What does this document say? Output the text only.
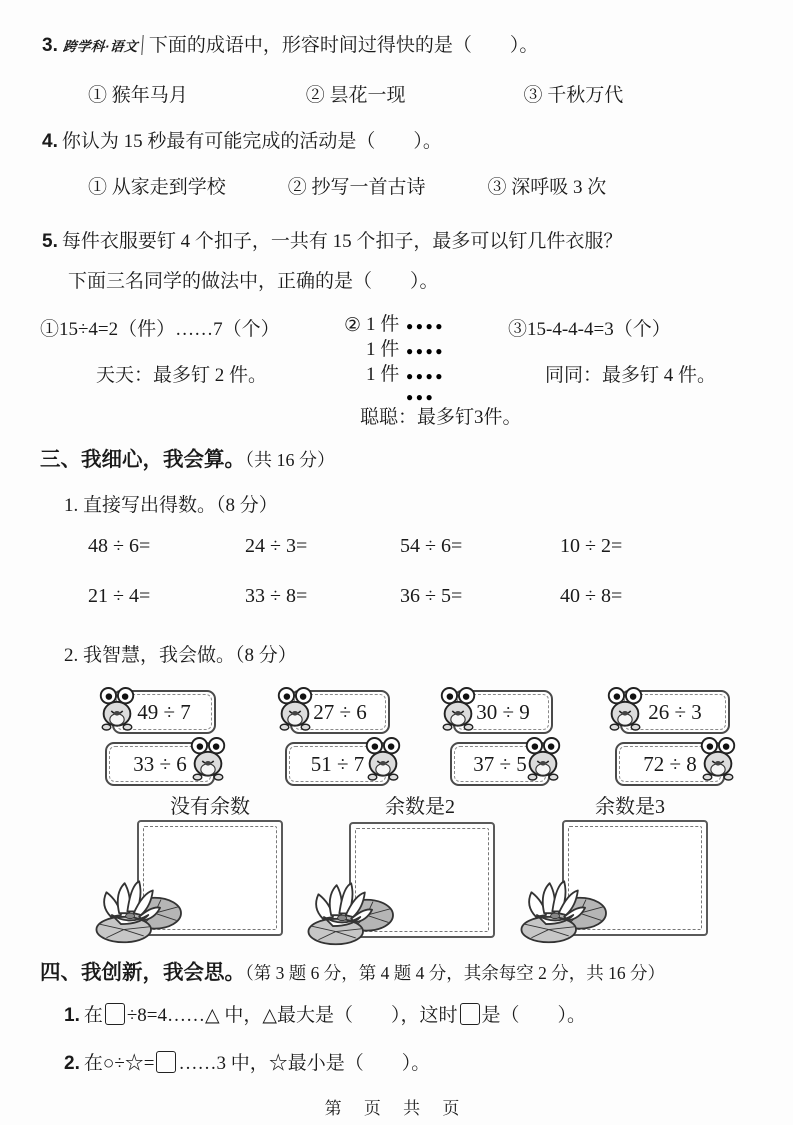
3. 跨学科·语文 下面的成语中，形容时间过得快的是（　　）。
① 猴年马月	② 昙花一现	③ 千秋万代
4. 你认为 15 秒最有可能完成的活动是（　　）。
① 从家走到学校	② 抄写一首古诗	③ 深呼吸 3 次
5. 每件衣服要钉 4 个扣子，一共有 15 个扣子，最多可以钉几件衣服？
下面三名同学的做法中，正确的是（　　）。
①15÷4=2（件）……7（个）
天天：最多钉 2 件。
② 1 件 ●●●●
1 件 ●●●●
1 件 ●●●●
●●●
聪聪：最多钉3件。
③15-4-4-4=3（个）
同同：最多钉 4 件。
三、我细心，我会算。（共 16 分）
1. 直接写出得数。（8 分）
48 ÷ 6=	24 ÷ 3=	54 ÷ 6=	10 ÷ 2=
21 ÷ 4=	33 ÷ 8=	36 ÷ 5=	40 ÷ 8=
2. 我智慧，我会做。（8 分）
49 ÷ 7	27 ÷ 6	30 ÷ 9	26 ÷ 3
33 ÷ 6	51 ÷ 7	37 ÷ 5	72 ÷ 8
没有余数	余数是2	余数是3
四、我创新，我会思。（第 3 题 6 分，第 4 题 4 分，其余每空 2 分，共 16 分）
1. 在 ÷8=4……△ 中，△最大是（　　），这时 是（　　）。
2. 在○÷☆= ……3 中，☆最小是（　　）。
第 页 共 页
